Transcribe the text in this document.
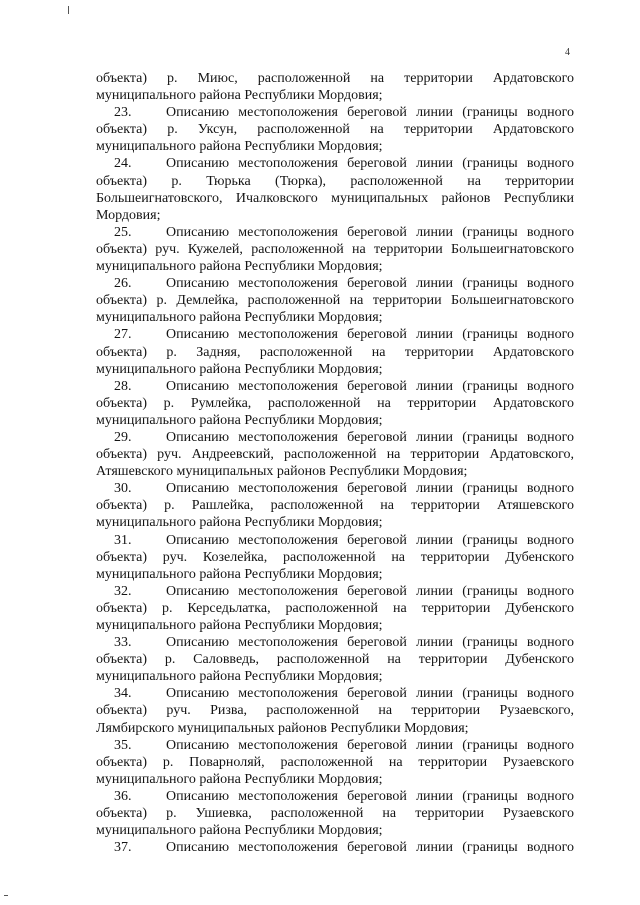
4
объекта) р. Миюс, расположенной на территории Ардатовского
муниципального района Республики Мордовия;
23. Описанию местоположения береговой линии (границы водного
объекта) р. Уксун, расположенной на территории Ардатовского
муниципального района Республики Мордовия;
24. Описанию местоположения береговой линии (границы водного
объекта) р. Тюрька (Тюрка), расположенной на территории
Большеигнатовского, Ичалковского муниципальных районов Республики
Мордовия;
25. Описанию местоположения береговой линии (границы водного
объекта) руч. Кужелей, расположенной на территории Большеигнатовского
муниципального района Республики Мордовия;
26. Описанию местоположения береговой линии (границы водного
объекта) р. Демлейка, расположенной на территории Большеигнатовского
муниципального района Республики Мордовия;
27. Описанию местоположения береговой линии (границы водного
объекта) р. Задняя, расположенной на территории Ардатовского
муниципального района Республики Мордовия;
28. Описанию местоположения береговой линии (границы водного
объекта) р. Румлейка, расположенной на территории Ардатовского
муниципального района Республики Мордовия;
29. Описанию местоположения береговой линии (границы водного
объекта) руч. Андреевский, расположенной на территории Ардатовского,
Атяшевского муниципальных районов Республики Мордовия;
30. Описанию местоположения береговой линии (границы водного
объекта) р. Рашлейка, расположенной на территории Атяшевского
муниципального района Республики Мордовия;
31. Описанию местоположения береговой линии (границы водного
объекта) руч. Козелейка, расположенной на территории Дубенского
муниципального района Республики Мордовия;
32. Описанию местоположения береговой линии (границы водного
объекта) р. Керседьлатка, расположенной на территории Дубенского
муниципального района Республики Мордовия;
33. Описанию местоположения береговой линии (границы водного
объекта) р. Саловведь, расположенной на территории Дубенского
муниципального района Республики Мордовия;
34. Описанию местоположения береговой линии (границы водного
объекта) руч. Ризва, расположенной на территории Рузаевского,
Лямбирского муниципальных районов Республики Мордовия;
35. Описанию местоположения береговой линии (границы водного
объекта) р. Поварноляй, расположенной на территории Рузаевского
муниципального района Республики Мордовия;
36. Описанию местоположения береговой линии (границы водного
объекта) р. Ушиевка, расположенной на территории Рузаевского
муниципального района Республики Мордовия;
37. Описанию местоположения береговой линии (границы водного
